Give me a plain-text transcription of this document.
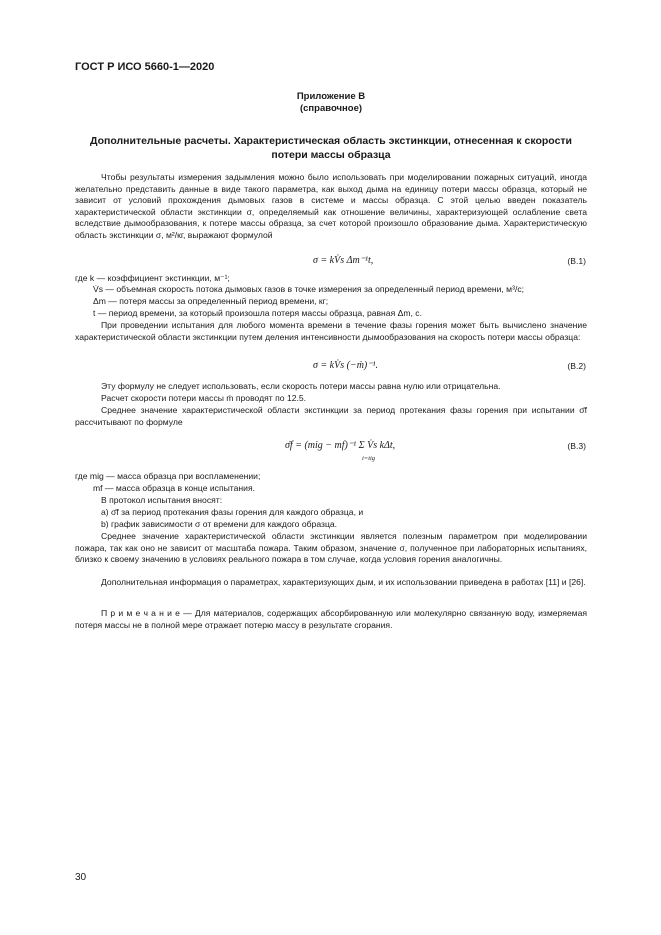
ГОСТ Р ИСО 5660-1—2020
Приложение В
(справочное)
Дополнительные расчеты. Характеристическая область экстинкции, отнесенная к скорости
потери массы образца
Чтобы результаты измерения задымления можно было использовать при моделировании пожарных ситуаций, иногда желательно представить данные в виде такого параметра, как выход дыма на единицу потери массы образца, который не зависит от условий прохождения дымовых газов в системе и массы образца. С этой целью введен показатель характеристической области экстинкции σ, определяемый как отношение величины, характеризующей ослабление света вследствие дымообразования, к потере массы образца, за счет которой произошло образование дыма. Характеристическую область экстинкции σ, м²/кг, выражают формулой
σ = kV̇s Δm⁻¹t,	(В.1)
где k — коэффициент экстинкции, м⁻¹;
V̇s — объемная скорость потока дымовых газов в точке измерения за определенный период времени, м³/с;
Δm — потеря массы за определенный период времени, кг;
t — период времени, за который произошла потеря массы образца, равная Δm, с.
При проведении испытания для любого момента времени в течение фазы горения может быть вычислено значение характеристической области экстинкции путем деления интенсивности дымообразования на скорость потери массы образца:
σ = kV̇s (−ṁ)⁻¹.	(В.2)
Эту формулу не следует использовать, если скорость потери массы равна нулю или отрицательна.
Расчет скорости потери массы ṁ проводят по 12.5.
Среднее значение характеристической области экстинкции за период протекания фазы горения при испытании σ̄f рассчитывают по формуле
σ̄f = (mig − mf)⁻¹ Σ V̇s kΔt,
i=tig
(В.3)
где mig — масса образца при воспламенении;
mf — масса образца в конце испытания.
В протокол испытания вносят:
a) σ̄f за период протекания фазы горения для каждого образца, и
b) график зависимости σ от времени для каждого образца.
Среднее значение характеристической области экстинкции является полезным параметром при моделировании пожара, так как оно не зависит от масштаба пожара. Таким образом, значение σ, полученное при лабораторных испытаниях, близко к своему значению в условиях реального пожара в том случае, когда условия горения аналогичны.
Дополнительная информация о параметрах, характеризующих дым, и их использовании приведена в работах [11] и [26].
П р и м е ч а н и е — Для материалов, содержащих абсорбированную или молекулярно связанную воду, измеряемая потеря массы не в полной мере отражает потерю массу в результате сгорания.
30
